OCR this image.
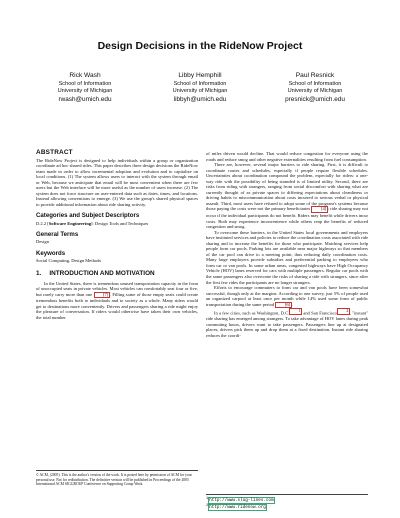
Design Decisions in the RideNow Project
Rick Wash
School of Information
University of Michigan
rwash@umich.edu
Libby Hemphill
School of Information
University of Michigan
libbyh@umich.edu
Paul Resnick
School of Information
University of Michigan
presnick@umich.edu
ABSTRACT

The RideNow Project is designed to help individuals within a group or organization coordinate ad hoc shared rides. This paper describes three design decisions the RideNow team made in order to allow incremental adoption and evolution and to capitalize on local conditions. (1) The system allows users to interact with the system through email or Web, because we anticipate that email will be most convenient when there are few users but the Web interface will be more useful as the number of users increase. (2) The system does not force structure on user-entered data such as dates, times, and locations. Instead allowing conventions to emerge. (3) We use the group's shared physical spaces to provide additional information about ride sharing activity.

Categories and Subject Descriptors

D.2.2 [Software Engineering]: Design Tools and Techniques

General Terms

Design

Keywords

Social Computing, Design Methods

1. INTRODUCTION AND MOTIVATION

In the United States, there is tremendous unused transportation capacity in the form of unoccupied seats in private vehicles. Most vehicles can comfortably seat four or five, but rarely carry more than one [7] . Filling some of those empty seats could create tremendous benefits both to individuals and to society as a whole. Many riders would get to destinations more conveniently. Drivers and passengers sharing a ride might enjoy the pleasure of conversation. If riders would otherwise have taken their own vehicles, the total number

© ACM, (2005). This is the author's version of the work. It is posted here by permission of ACM for your personal use. Not for redistribution. The definitive version will be published in Proceedings of the 2005 International ACM SIGGROUP Conference on Supporting Group Work.

of miles driven would decline. That would reduce congestion for everyone using the roads and reduce smog and other negative externalities resulting from fuel consumption.

There are, however, several major barriers to ride sharing. First, it is difficult to coordinate routes and schedules, especially if people require flexible schedules. Uncertainties about coordination compound the problem, especially for riders: a one-way ride with the possibility of being stranded is of limited utility. Second, there are risks from riding with strangers, ranging from social discomfort with sharing what are currently thought of as private spaces to differing expectations about cleanliness or driving habits to miscommunication about costs incurred to serious verbal or physical assault. Third, most users have refused to adopt some of the program's systems because those paying the costs were not the primary beneficiaries [4] ; ride sharing may not occur if the individual participants do not benefit. Riders may benefit while drivers incur costs. Both may experience inconvenience while others reap the benefits of reduced congestion and smog.

To overcome these barriers, in the United States local governments and employers have instituted services and policies to reduce the coordination costs associated with ride sharing and to increase the benefits for those who participate. Matching services help people form car pools. Parking lots are available near major highways so that members of the car pool can drive to a meeting point, thus reducing daily coordination costs. Many large employers provide subsidies and preferential parking to employees who form car or van pools. In some urban areas, congested highways have High Occupancy Vehicle (HOV) lanes reserved for cars with multiple passengers. Regular car pools with the same passengers also overcome the risks of sharing a ride with strangers, since after the first few rides the participants are no longer strangers.

Efforts to encourage commuters to form car and van pools have been somewhat successful, though only at the margins. According to one survey, just 5% of people used an organized carpool at least once per month while 14% used some form of public transportation during the same period [6] .

In a few cities, such as Washington, D.C.	$^1$ and San Francisco	$^2$ , "instant" ride sharing has emerged among strangers. To take advantage of HOV lanes during peak commuting hours, drivers want to take passengers. Passengers line up at designated places, drivers pick them up and drop them at a fixed destination. Instant ride sharing reduces the coordi-

$^1$http://www.slug-lines.com
$^2$http://www.ridenow.org
